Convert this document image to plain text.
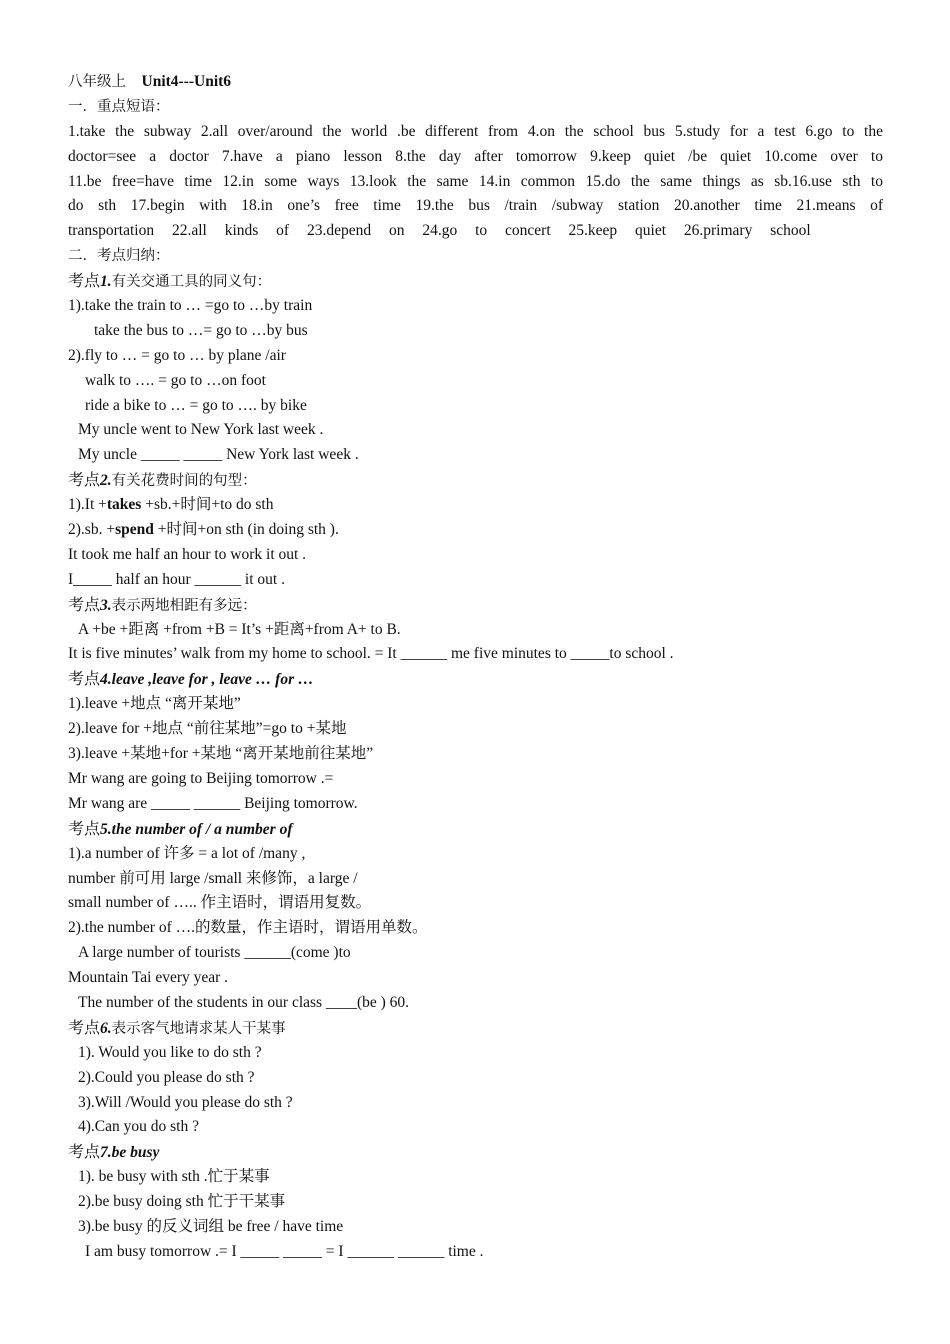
八年级上 Unit4---Unit6
一．重点短语：
1.take the subway 2.all over/around the world .be different from 4.on the school bus 5.study for a test 6.go to the
doctor=see a doctor 7.have a piano lesson 8.the day after tomorrow 9.keep quiet /be quiet 10.come over to
11.be free=have time 12.in some ways 13.look the same 14.in common 15.do the same things as sb.16.use sth to
do sth 17.begin with 18.in one’s free time 19.the bus /train /subway station 20.another time 21.means of
transportation 22.all kinds of 23.depend on 24.go to concert 25.keep quiet 26.primary school
二．考点归纳：
考点1.有关交通工具的同义句：
1).take the train to … =go to …by train
take the bus to …= go to …by bus
2).fly to … = go to … by plane /air
walk to …. = go to …on foot
ride a bike to … = go to …. by bike
My uncle went to New York last week .
My uncle _____ _____ New York last week .
考点2.有关花费时间的句型：
1).It +takes +sb.+时间+to do sth
2).sb. +spend +时间+on sth (in doing sth ).
It took me half an hour to work it out .
I_____ half an hour ______ it out .
考点3.表示两地相距有多远：
A +be +距离 +from +B = It’s +距离+from A+ to B.
It is five minutes’ walk from my home to school. = It ______ me five minutes to _____to school .
考点4.leave ,leave for , leave … for …
1).leave +地点 “离开某地”
2).leave for +地点 “前往某地”=go to +某地
3).leave +某地+for +某地 “离开某地前往某地”
Mr wang are going to Beijing tomorrow .=
Mr wang are _____ ______ Beijing tomorrow.
考点5.the number of / a number of
1).a number of 许多 = a lot of /many ,
number 前可用 large /small 来修饰，a large /
small number of ….. 作主语时，谓语用复数。
2).the number of ….的数量，作主语时，谓语用单数。
A large number of tourists ______(come )to
Mountain Tai every year .
The number of the students in our class ____(be ) 60.
考点6.表示客气地请求某人干某事
1). Would you like to do sth ?
2).Could you please do sth ?
3).Will /Would you please do sth ?
4).Can you do sth ?
考点7.be busy
1). be busy with sth .忙于某事
2).be busy doing sth 忙于干某事
3).be busy 的反义词组 be free / have time
I am busy tomorrow .= I _____ _____ = I ______ ______ time .
